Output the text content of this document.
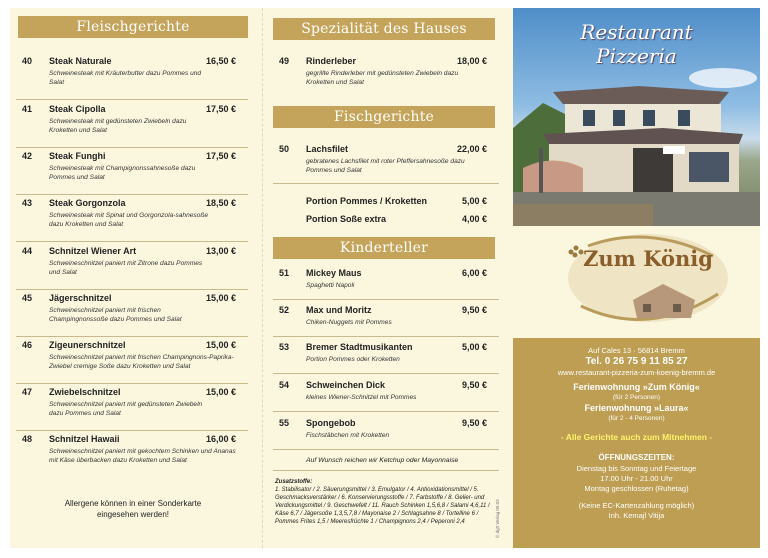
Fleischgerichte
40 Steak Naturale	16,50 €
Schweinesteak mit Kräuterbutter dazu Pommes und Salat
41 Steak Cipolla	17,50 €
Schweinesteak mit gedünsteten Zwiebeln dazu Kroketten und Salat
42 Steak Funghi	17,50 €
Schweinesteak mit Champignonssahnesoße dazu Pommes und Salat
43 Steak Gorgonzola	18,50 €
Schweinesteak mit Spinat und Gorgonzola-sahnesoße dazu Kroketten und Salat
44 Schnitzel Wiener Art	13,00 €
Schweineschnitzel paniert mit Zitrone dazu Pommes und Salat
45 Jägerschnitzel	15,00 €
Schweineschnitzel paniert mit frischen Champingnonssoße dazu Pommes und Salat
46 Zigeunerschnitzel	15,00 €
Schweineschnitzel paniert mit frischen Champingnons-Paprika-Zwiebel cremige Soße dazu Kroketten und Salat
47 Zwiebelschnitzel	15,00 €
Schweineschnitzel paniert mit gedünsteten Zwiebeln dazu Pommes und Salat
48 Schnitzel Hawaii	16,00 €
Schweineschnitzel paniert mit gekochtem Schinken und Ananas mit Käse überbacken dazu Kroketten und Salat
Allergene können in einer Sonderkarte
eingesehen werden!
Spezialität des Hauses
49 Rinderleber	18,00 €
gegrillte Rinderleber mit gedünsteten Zwiebeln dazu Kroketten und Salat
Fischgerichte
50 Lachsfilet	22,00 €
gebratenes Lachsfilet mit roter Pfeffersahnesoße dazu Pommes und Salat
Portion Pommes / Kroketten	5,00 €
Portion Soße extra	4,00 €
Kinderteller
51 Mickey Maus	6,00 €
Spaghetti Napoli
52 Max und Moritz	9,50 €
Chiken-Nuggets mit Pommes
53 Bremer Stadtmusikanten	5,00 €
Portion Pommes oder Kroketten
54 Schweinchen Dick	9,50 €
kleines Wiener-Schnitzel mit Pommes
55 Spongebob	9,50 €
Fischstäbchen mit Kroketten
Auf Wunsch reichen wir Ketchup oder Mayonnaise
Zusatzstoffe:
1. Stabilisator / 2. Säuerungsmittel / 3. Emulgator / 4. Antioxidationsmittel / 5. Geschmacksverstärker / 6. Konservierungsstoffe / 7. Farbstoffe / 8. Gelier- und Verdickungsmittel / 9. Geschwefelt / 11. Rauch Schinken 1,5,6,8 / Salami 4,6,11 / Käse 6,7 / Jägersoße 1,3,5,7,8 / Mayonaise 2 / Schlagsahne 8 / Tortelline 6 / Pommes Frites 1,5 / Meeresfrüchte 1 / Champignons 2,4 / Peperoni 2,4	© dg!t Verlag 09.03
Restaurant
Pizzeria
Zum König
Auf Cales 13 · 56814 Bremm
Tel. 0 26 75 9 11 85 27
www.restaurant-pizzeria-zum-koenig-bremm.de
Ferienwohnung »Zum König«
(für 2 Personen)
Ferienwohnung »Laura«
(für 2 - 4 Personen)
- Alle Gerichte auch zum Mitnehmen -
ÖFFNUNGSZEITEN:
Dienstag bis Sonntag und Feiertage
17.00 Uhr - 21.00 Uhr
Montag geschlossen (Ruhetag)
(Keine EC-Kartenzahlung möglich)
Inh. Kemajl Vitija
